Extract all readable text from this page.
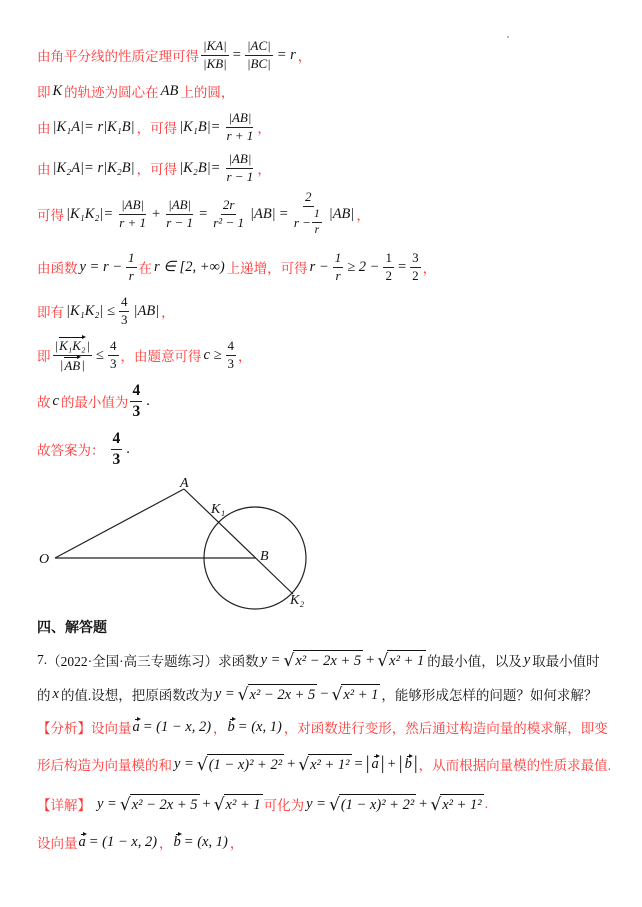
由角平分线的性质定理可得 $\frac{|KA|}{|KB|} = \frac{|AC|}{|BC|} = r$ ，
即 K 的轨迹为圆心在 AB 上的圆，
由 |K₁A|= r|K₁B| ，可得 $|K_1B|= \frac{|AB|}{r + 1}$ ，
由 |K₂A|= r|K₂B| ，可得 $|K_2B|= \frac{|AB|}{r - 1}$ ，
可得 $|K_1K_2|= \frac{|AB|}{r + 1} + \frac{|AB|}{r - 1} = \frac{2r}{\text{r² − 1}} |AB| = \frac{2}{r - \frac{1}{r}} |AB|$ ，
由函数 $y = r - \frac{1}{r}$ 在 r ∈ [2, +∞) 上递增，可得 $r - \frac{1}{r} \ge 2 - \frac{1}{2} = \frac{3}{2}$ ，
即有 $|K_1K_2| \le \frac{4}{3} |AB|$ ，
即 $\frac{\text{|K₁K₂|}}{| AB |} \le \frac{4}{3}$ ，由题意可得 $c \ge \frac{4}{3}$ ，
故 c 的最小值为 $\frac{4}{3}$ .
故答案为： $\frac{4}{3}$ .
A
K₁
B
K₂
O
四、解答题
7. （2022·全国·高三专题练习） 求函数 y = √ x² − 2x + 5 + √ x² + 1 的最小值，以及 y 取最小值时
的 x 的值.设想，把原函数改为 y = √ x² − 2x + 5 − √ x² + 1 ，能够形成怎样的问题？如何求解？
【分析】 设向量 a = (1 − x, 2) ， b = (x, 1) ，对函数进行变形，然后通过构造向量的模求解，即变
形后构造为向量模的和 y = √ (1 − x)² + 2² + √ x² + 1² = | a | + | b | ，从而根据向量模的性质求最值.
【详解】 y = √ x² − 2x + 5 + √ x² + 1 可化为 y = √ (1 − x)² + 2² + √ x² + 1² .
设向量 a = (1 − x, 2) ， b = (x, 1) ，
